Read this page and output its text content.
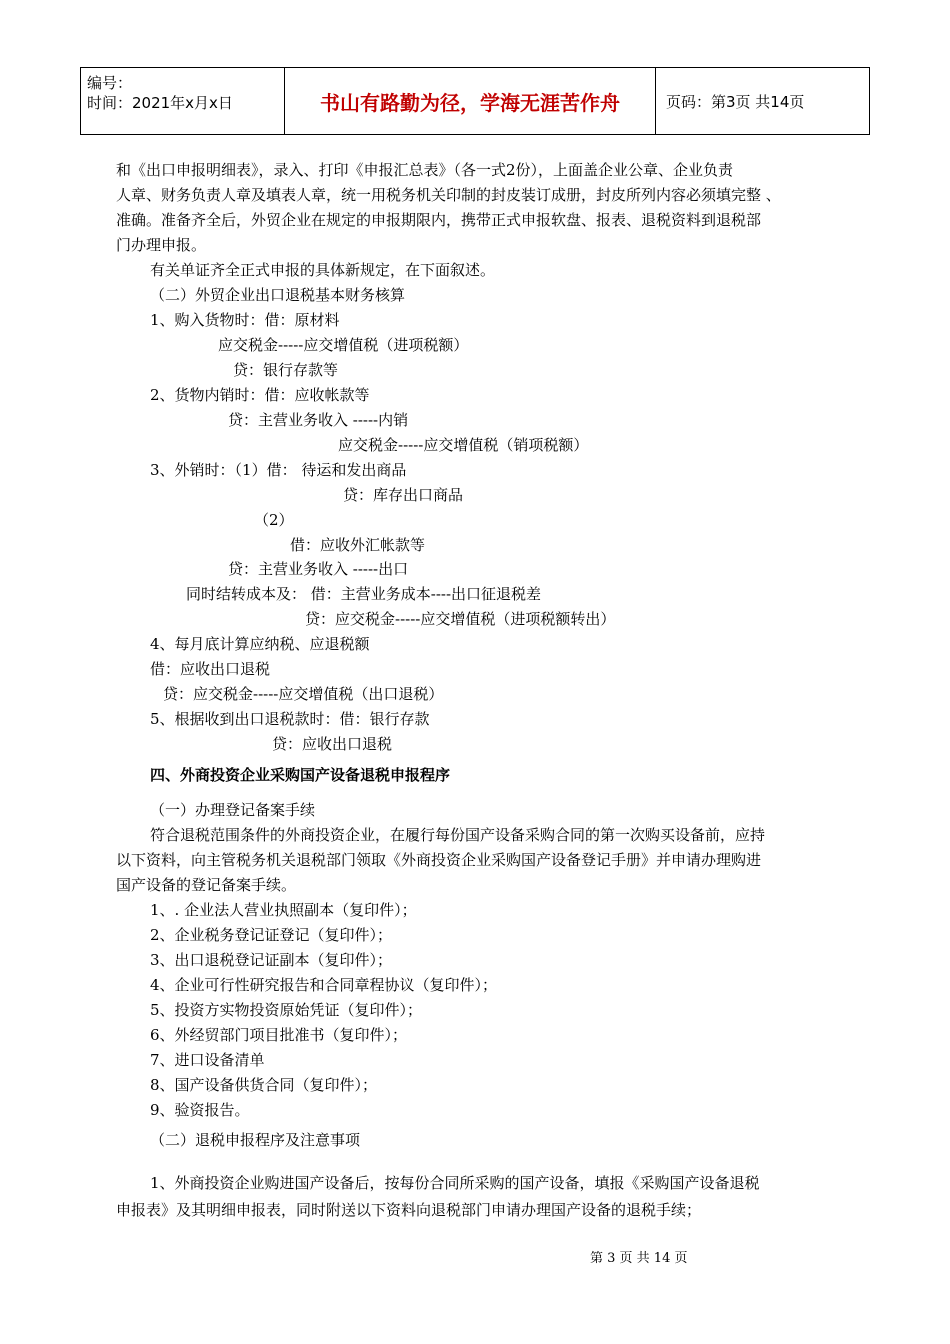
编号：
时间：2021年x月x日	书山有路勤为径，学海无涯苦作舟	页码：第3页 共14页
和《出口申报明细表》，录入、打印《申报汇总表》（各一式2份），上面盖企业公章、企业负责
人章、财务负责人章及填表人章，统一用税务机关印制的封皮装订成册，封皮所列内容必须填完整 、
准确。准备齐全后，外贸企业在规定的申报期限内，携带正式申报软盘、报表、退税资料到退税部
门办理申报。
有关单证齐全正式申报的具体新规定，在下面叙述。
（二）外贸企业出口退税基本财务核算
1、购入货物时：借：原材料
应交税金-----应交增值税（进项税额）
贷：银行存款等
2、货物内销时：借：应收帐款等
贷：主营业务收入 -----内销
应交税金-----应交增值税（销项税额）
3、外销时：（1）借： 待运和发出商品
贷：库存出口商品
（2）
借：应收外汇帐款等
贷：主营业务收入 -----出口
同时结转成本及： 借：主营业务成本----出口征退税差
贷：应交税金-----应交增值税（进项税额转出）
4、每月底计算应纳税、应退税额
借：应收出口退税
贷：应交税金-----应交增值税（出口退税）
5、根据收到出口退税款时：借：银行存款
贷：应收出口退税
四、外商投资企业采购国产设备退税申报程序
（一）办理登记备案手续
符合退税范围条件的外商投资企业，在履行每份国产设备采购合同的第一次购买设备前，应持
以下资料，向主管税务机关退税部门领取《外商投资企业采购国产设备登记手册》并申请办理购进
国产设备的登记备案手续。
1、. 企业法人营业执照副本（复印件）；
2、企业税务登记证登记（复印件）；
3、出口退税登记证副本（复印件）；
4、企业可行性研究报告和合同章程协议（复印件）；
5、投资方实物投资原始凭证（复印件）；
6、外经贸部门项目批准书（复印件）；
7、进口设备清单
8、国产设备供货合同（复印件）；
9、验资报告。
（二）退税申报程序及注意事项
1、外商投资企业购进国产设备后，按每份合同所采购的国产设备，填报《采购国产设备退税
申报表》及其明细申报表，同时附送以下资料向退税部门申请办理国产设备的退税手续；
第 3 页 共 14 页
